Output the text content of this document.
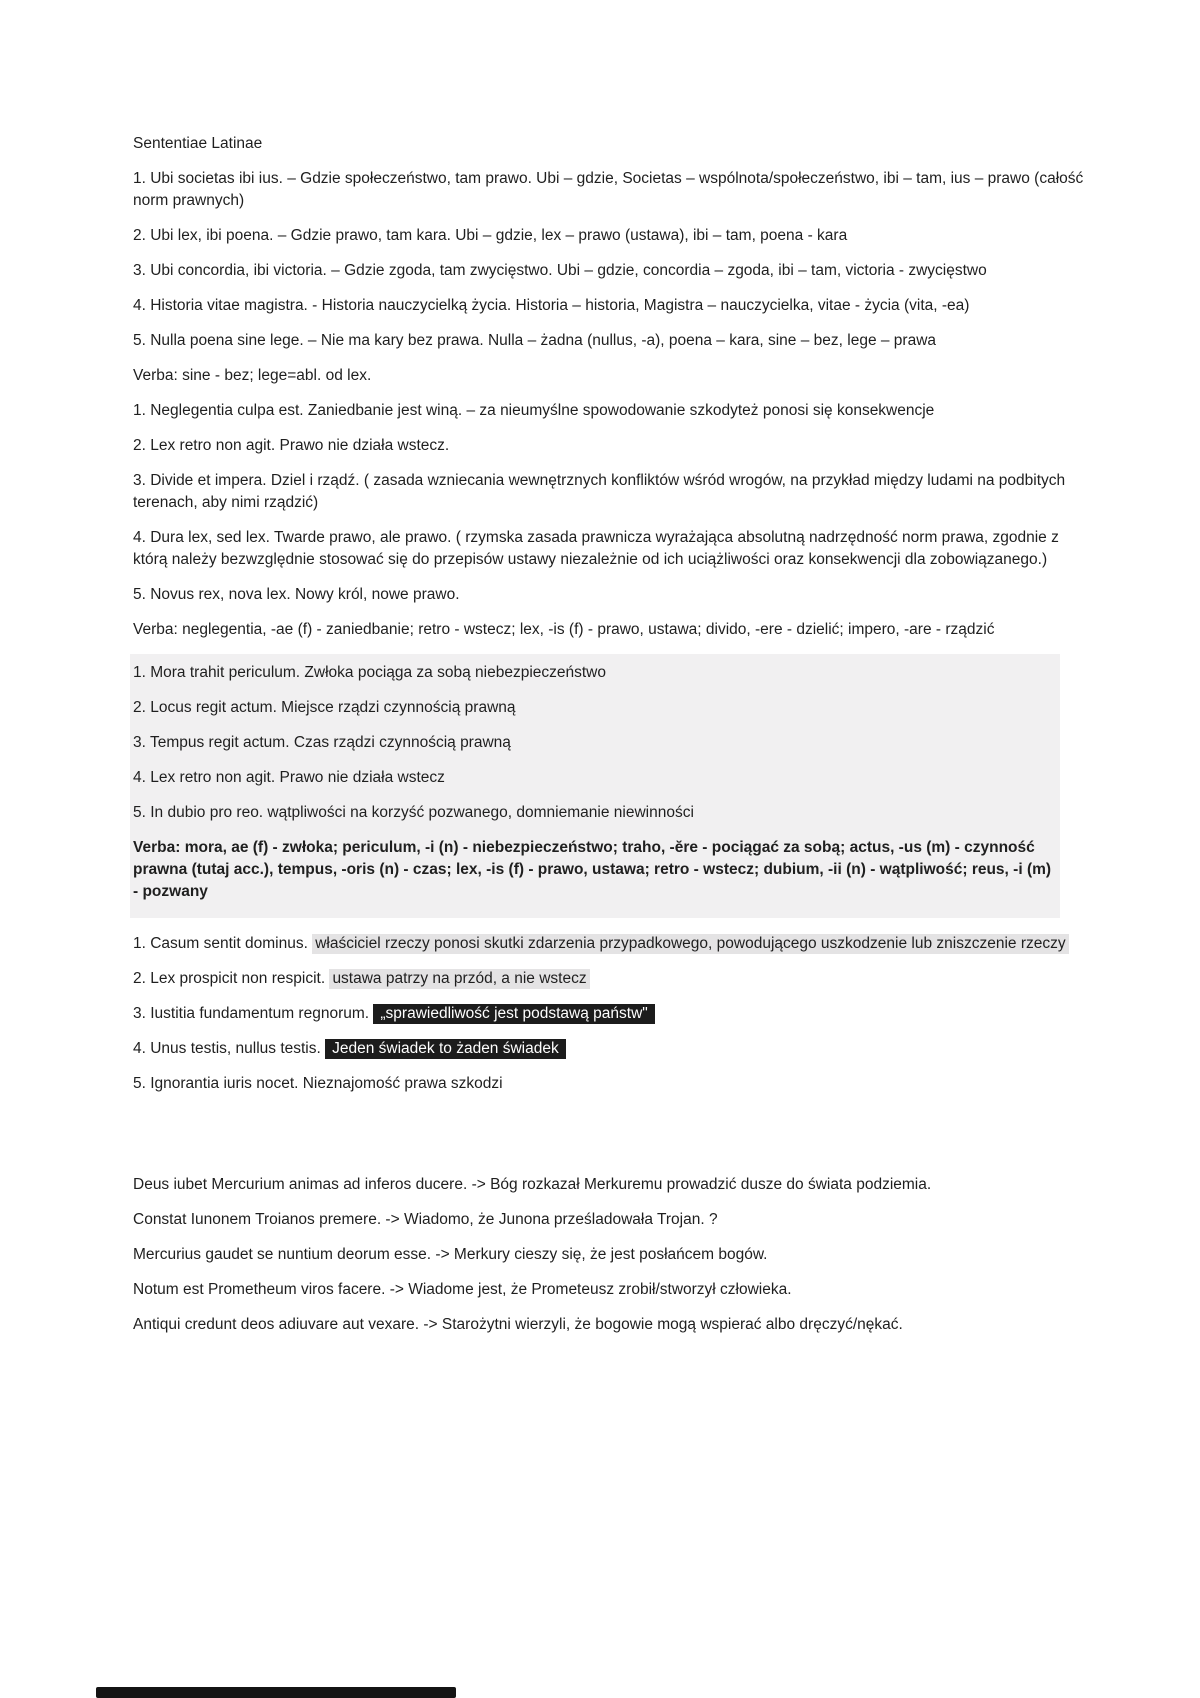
Sententiae Latinae

1. Ubi societas ibi ius. – Gdzie społeczeństwo, tam prawo. Ubi – gdzie, Societas – wspólnota/społeczeństwo, ibi – tam, ius – prawo (całość norm prawnych)

2. Ubi lex, ibi poena. – Gdzie prawo, tam kara. Ubi – gdzie, lex – prawo (ustawa), ibi – tam, poena - kara

3. Ubi concordia, ibi victoria. – Gdzie zgoda, tam zwycięstwo. Ubi – gdzie, concordia – zgoda, ibi – tam, victoria - zwycięstwo

4. Historia vitae magistra. - Historia nauczycielką życia. Historia – historia, Magistra – nauczycielka, vitae - życia (vita, -ea)

5. Nulla poena sine lege. – Nie ma kary bez prawa. Nulla – żadna (nullus, -a), poena – kara, sine – bez, lege – prawa

Verba: sine - bez; lege=abl. od lex.

1. Neglegentia culpa est. Zaniedbanie jest winą. – za nieumyślne spowodowanie szkodyteż ponosi się konsekwencje

2. Lex retro non agit. Prawo nie działa wstecz.

3. Divide et impera. Dziel i rządź. ( zasada wzniecania wewnętrznych konfliktów wśród wrogów, na przykład między ludami na podbitych terenach, aby nimi rządzić)

4. Dura lex, sed lex. Twarde prawo, ale prawo. ( rzymska zasada prawnicza wyrażająca absolutną nadrzędność norm prawa, zgodnie z którą należy bezwzględnie stosować się do przepisów ustawy niezależnie od ich uciążliwości oraz konsekwencji dla zobowiązanego.)

5. Novus rex, nova lex. Nowy król, nowe prawo.

Verba: neglegentia, -ae (f) - zaniedbanie; retro - wstecz; lex, -is (f) - prawo, ustawa; divido, -ere - dzielić; impero, -are - rządzić

1. Mora trahit periculum. Zwłoka pociąga za sobą niebezpieczeństwo

2. Locus regit actum. Miejsce rządzi czynnością prawną

3. Tempus regit actum. Czas rządzi czynnością prawną

4. Lex retro non agit. Prawo nie działa wstecz

5. In dubio pro reo. wątpliwości na korzyść pozwanego, domniemanie niewinności

Verba: mora, ae (f) - zwłoka; periculum, -i (n) - niebezpieczeństwo; traho, -ĕre - pociągać za sobą; actus, -us (m) - czynność prawna (tutaj acc.), tempus, -oris (n) - czas; lex, -is (f) - prawo, ustawa; retro - wstecz; dubium, -ii (n) - wątpliwość; reus, -i (m) - pozwany

1. Casum sentit dominus. właściciel rzeczy ponosi skutki zdarzenia przypadkowego, powodującego uszkodzenie lub zniszczenie rzeczy

2. Lex prospicit non respicit. ustawa patrzy na przód, a nie wstecz

3. Iustitia fundamentum regnorum. „sprawiedliwość jest podstawą państw"

4. Unus testis, nullus testis. Jeden świadek to żaden świadek

5. Ignorantia iuris nocet. Nieznajomość prawa szkodzi

Deus iubet Mercurium animas ad inferos ducere. -> Bóg rozkazał Merkuremu prowadzić dusze do świata podziemia.

Constat Iunonem Troianos premere. -> Wiadomo, że Junona prześladowała Trojan. ?

Mercurius gaudet se nuntium deorum esse. -> Merkury cieszy się, że jest posłańcem bogów.

Notum est Prometheum viros facere. -> Wiadome jest, że Prometeusz zrobił/stworzył człowieka.

Antiqui credunt deos adiuvare aut vexare. -> Starożytni wierzyli, że bogowie mogą wspierać albo dręczyć/nękać.
